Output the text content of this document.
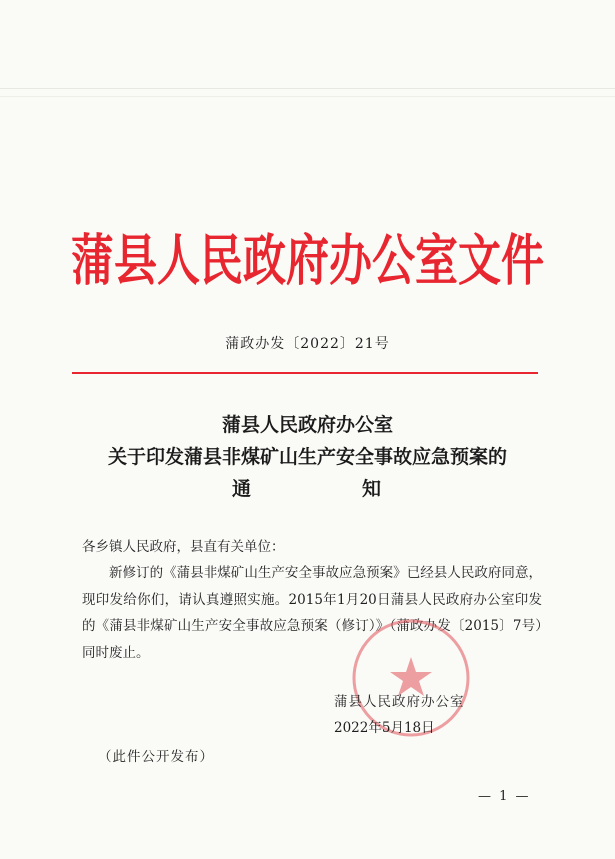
蒲县人民政府办公室文件
蒲政办发〔2022〕21号
蒲县人民政府办公室
关于印发蒲县非煤矿山生产安全事故应急预案的
通	知
各乡镇人民政府，县直有关单位：
新修订的《蒲县非煤矿山生产安全事故应急预案》已经县人民政府同意，现印发给你们，请认真遵照实施。2015年1月20日蒲县人民政府办公室印发的《蒲县非煤矿山生产安全事故应急预案（修订）》（蒲政办发〔2015〕7号）同时废止。
蒲县人民政府办公室
2022年5月18日
（此件公开发布）
— 1 —
